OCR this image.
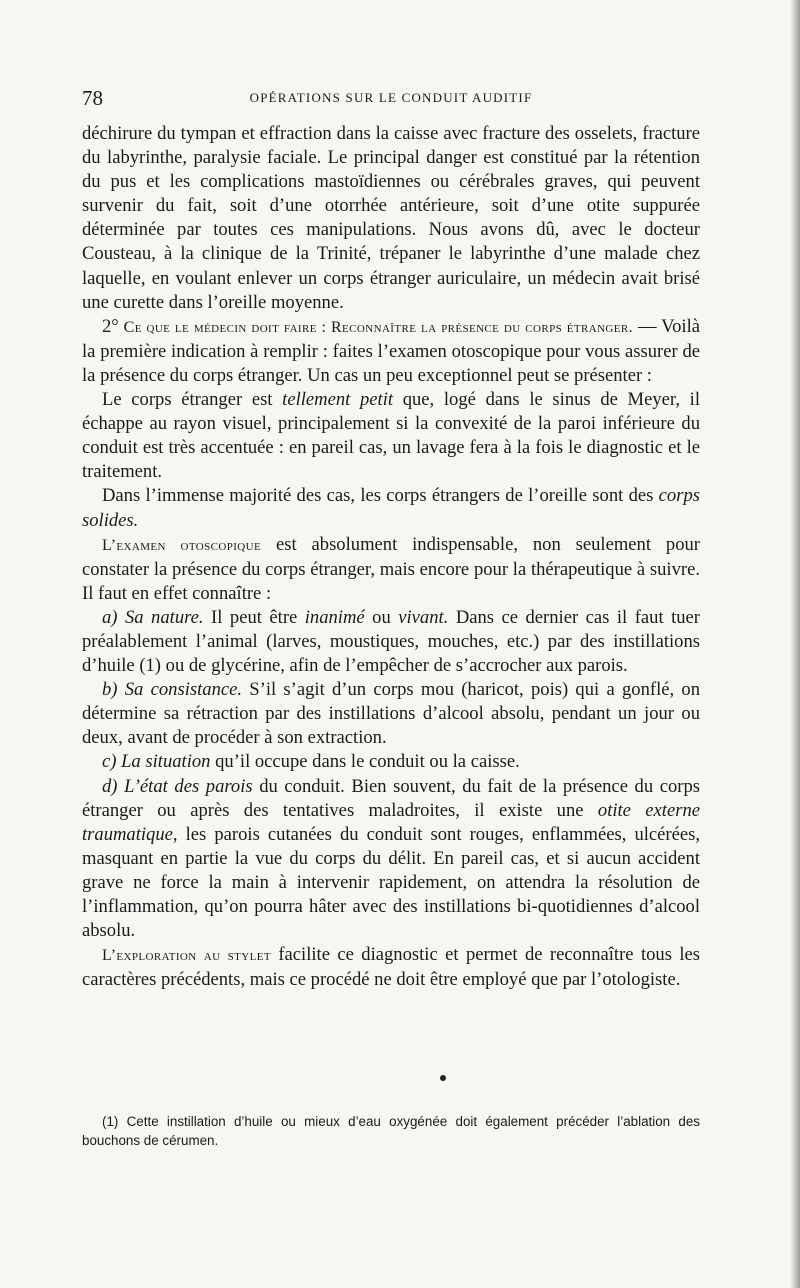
78	OPÉRATIONS SUR LE CONDUIT AUDITIF

déchirure du tympan et effraction dans la caisse avec fracture des osselets, fracture du labyrinthe, paralysie faciale. Le principal danger est constitué par la rétention du pus et les complications mastoïdiennes ou cérébrales graves, qui peuvent survenir du fait, soit d’une otorrhée antérieure, soit d’une otite suppurée déterminée par toutes ces manipulations. Nous avons dû, avec le docteur Cousteau, à la clinique de la Trinité, trépaner le labyrinthe d’une malade chez laquelle, en voulant enlever un corps étranger auriculaire, un médecin avait brisé une curette dans l’oreille moyenne.

2° Ce que le médecin doit faire : Reconnaître la présence du corps étranger. — Voilà la première indication à remplir : faites l’examen otoscopique pour vous assurer de la présence du corps étranger. Un cas un peu exceptionnel peut se présenter :

Le corps étranger est tellement petit que, logé dans le sinus de Meyer, il échappe au rayon visuel, principalement si la convexité de la paroi inférieure du conduit est très accentuée : en pareil cas, un lavage fera à la fois le diagnostic et le traitement.

Dans l’immense majorité des cas, les corps étrangers de l’oreille sont des corps solides.

L’examen otoscopique est absolument indispensable, non seulement pour constater la présence du corps étranger, mais encore pour la thérapeutique à suivre. Il faut en effet connaître :

a) Sa nature. Il peut être inanimé ou vivant. Dans ce dernier cas il faut tuer préalablement l’animal (larves, moustiques, mouches, etc.) par des instillations d’huile (1) ou de glycérine, afin de l’empêcher de s’accrocher aux parois.

b) Sa consistance. S’il s’agit d’un corps mou (haricot, pois) qui a gonflé, on détermine sa rétraction par des instillations d’alcool absolu, pendant un jour ou deux, avant de procéder à son extraction.

c) La situation qu’il occupe dans le conduit ou la caisse.

d) L’état des parois du conduit. Bien souvent, du fait de la présence du corps étranger ou après des tentatives maladroites, il existe une otite externe traumatique, les parois cutanées du conduit sont rouges, enflammées, ulcérées, masquant en partie la vue du corps du délit. En pareil cas, et si aucun accident grave ne force la main à intervenir rapidement, on attendra la résolution de l’inflammation, qu’on pourra hâter avec des instillations bi-quotidiennes d’alcool absolu.

L’exploration au stylet facilite ce diagnostic et permet de reconnaître tous les caractères précédents, mais ce procédé ne doit être employé que par l’otologiste.

(1) Cette instillation d’huile ou mieux d’eau oxygénée doit également précéder l’ablation des bouchons de cérumen.
